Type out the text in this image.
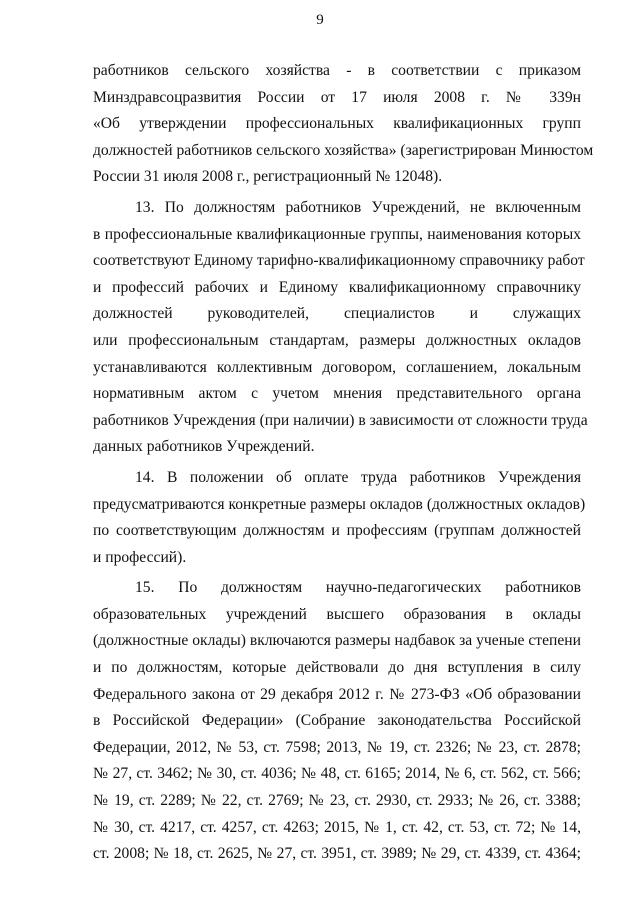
9
работников сельского хозяйства - в соответствии с приказом
Минздравсоцразвития России от 17 июля 2008 г. № 339н
«Об утверждении профессиональных квалификационных групп
должностей работников сельского хозяйства» (зарегистрирован Минюстом
России 31 июля 2008 г., регистрационный № 12048).
13. По должностям работников Учреждений, не включенным
в профессиональные квалификационные группы, наименования которых
соответствуют Единому тарифно-квалификационному справочнику работ
и профессий рабочих и Единому квалификационному справочнику
должностей руководителей, специалистов и служащих
или профессиональным стандартам, размеры должностных окладов
устанавливаются коллективным договором, соглашением, локальным
нормативным актом с учетом мнения представительного органа
работников Учреждения (при наличии) в зависимости от сложности труда
данных работников Учреждений.
14. В положении об оплате труда работников Учреждения
предусматриваются конкретные размеры окладов (должностных окладов)
по соответствующим должностям и профессиям (группам должностей
и профессий).
15. По должностям научно-педагогических работников
образовательных учреждений высшего образования в оклады
(должностные оклады) включаются размеры надбавок за ученые степени
и по должностям, которые действовали до дня вступления в силу
Федерального закона от 29 декабря 2012 г. № 273-ФЗ «Об образовании
в Российской Федерации» (Собрание законодательства Российской
Федерации, 2012, № 53, ст. 7598; 2013, № 19, ст. 2326; № 23, ст. 2878;
№ 27, ст. 3462; № 30, ст. 4036; № 48, ст. 6165; 2014, № 6, ст. 562, ст. 566;
№ 19, ст. 2289; № 22, ст. 2769; № 23, ст. 2930, ст. 2933; № 26, ст. 3388;
№ 30, ст. 4217, ст. 4257, ст. 4263; 2015, № 1, ст. 42, ст. 53, ст. 72; № 14,
ст. 2008; № 18, ст. 2625, № 27, ст. 3951, ст. 3989; № 29, ст. 4339, ст. 4364;
